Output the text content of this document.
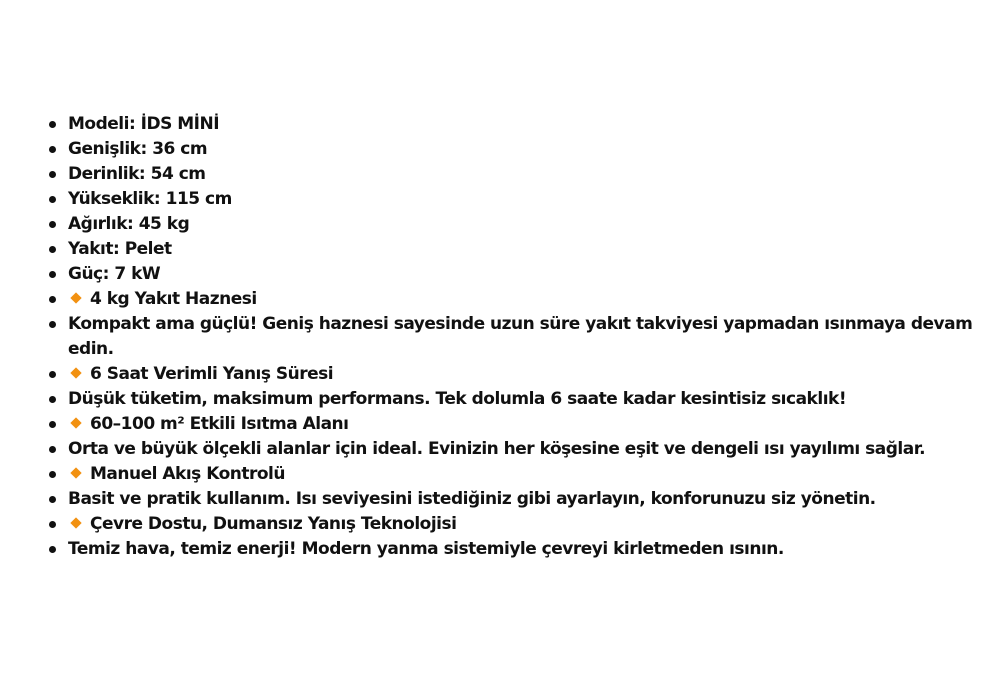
Modeli: İDS MİNİ
Genişlik: 36 cm
Derinlik: 54 cm
Yükseklik: 115 cm
Ağırlık: 45 kg
Yakıt: Pelet
Güç: 7 kW
4 kg Yakıt Haznesi
Kompakt ama güçlü! Geniş haznesi sayesinde uzun süre yakıt takviyesi yapmadan ısınmaya devam edin.
6 Saat Verimli Yanış Süresi
Düşük tüketim, maksimum performans. Tek dolumla 6 saate kadar kesintisiz sıcaklık!
60–100 m² Etkili Isıtma Alanı
Orta ve büyük ölçekli alanlar için ideal. Evinizin her köşesine eşit ve dengeli ısı yayılımı sağlar.
Manuel Akış Kontrolü
Basit ve pratik kullanım. Isı seviyesini istediğiniz gibi ayarlayın, konforunuzu siz yönetin.
Çevre Dostu, Dumansız Yanış Teknolojisi
Temiz hava, temiz enerji! Modern yanma sistemiyle çevreyi kirletmeden ısının.
